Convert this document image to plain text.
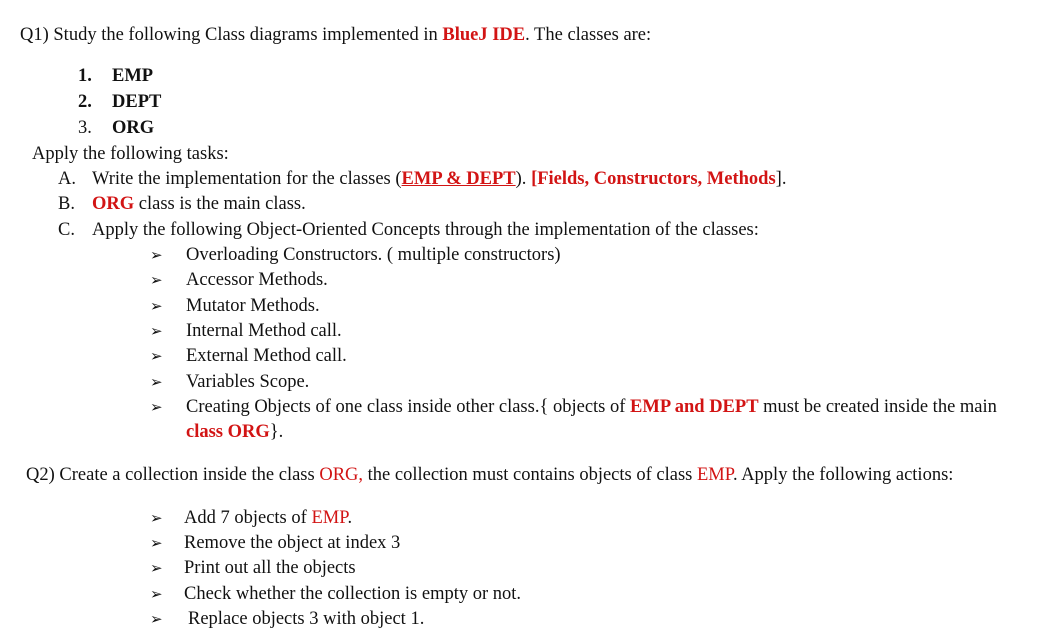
Q1) Study the following Class diagrams implemented in BlueJ IDE. The classes are:
1. EMP
2. DEPT
3. ORG
Apply the following tasks:
A. Write the implementation for the classes (EMP & DEPT). [Fields, Constructors, Methods].
B. ORG class is the main class.
C. Apply the following Object-Oriented Concepts through the implementation of the classes:
➢ Overloading Constructors. ( multiple constructors)
➢ Accessor Methods.
➢ Mutator Methods.
➢ Internal Method call.
➢ External Method call.
➢ Variables Scope.
➢ Creating Objects of one class inside other class.{ objects of EMP and DEPT must be created inside the main
class ORG}.
Q2) Create a collection inside the class ORG, the collection must contains objects of class EMP. Apply the following actions:
➢ Add 7 objects of EMP.
➢ Remove the object at index 3
➢ Print out all the objects
➢ Check whether the collection is empty or not.
➢ Replace objects 3 with object 1.
